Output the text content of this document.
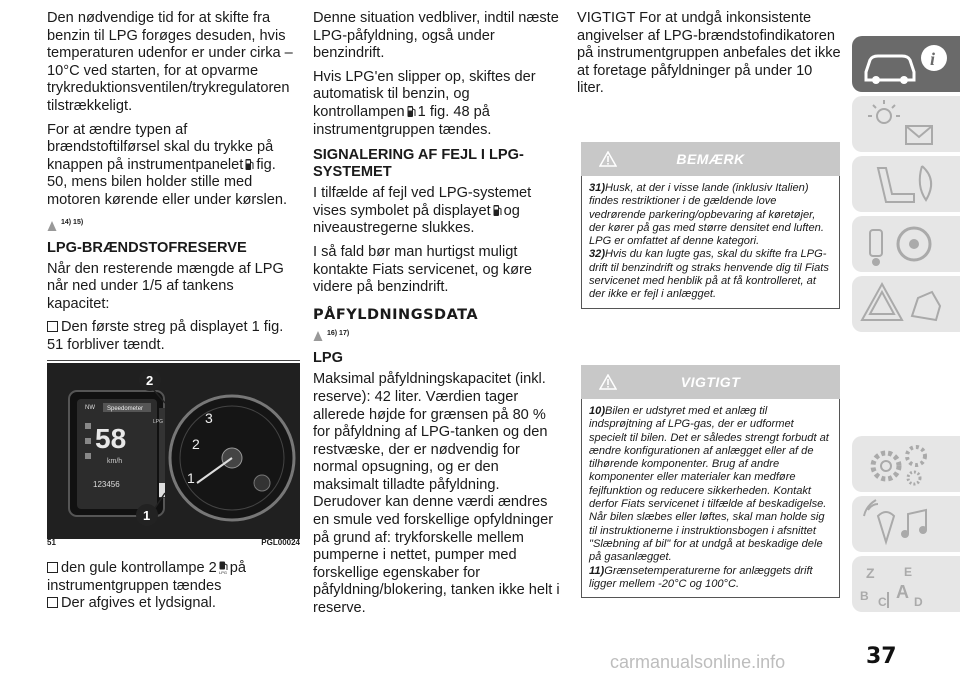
Den nødvendige tid for at skifte fra benzin til LPG forøges desuden, hvis temperaturen udenfor er under cirka –10°C ved starten, for at opvarme trykreduktionsventilen/trykregulatoren tilstrækkeligt.

For at ændre typen af brændstoftilførsel skal du trykke på knappen på instrumentpanelet fig. 50, mens bilen holder stille med motoren kørende eller under kørslen.

14) 15)
LPG-BRÆNDSTOFRESERVE

Når den resterende mængde af LPG når ned under 1/5 af tankens kapacitet:

Den første streg på displayet 1 fig. 51 forbliver tændt.

NW Speedometer
58
km/h
123456
LPG
2
1
3
2
1
51	PGL00024

den gule kontrollampe 2 LPG på instrumentgruppen tændes

Der afgives et lydsignal.

Denne situation vedbliver, indtil næste LPG-påfyldning, også under benzindrift.

Hvis LPG'en slipper op, skiftes der automatisk til benzin, og kontrollampen 1 fig. 48 på instrumentgruppen tændes.

SIGNALERING AF FEJL I LPG-SYSTEMET

I tilfælde af fejl ved LPG-systemet vises symbolet på displayet og niveaustregerne slukkes.

I så fald bør man hurtigst muligt kontakte Fiats servicenet, og køre videre på benzindrift.

PÅFYLDNINGSDATA
16) 17)
LPG

Maksimal påfyldningskapacitet (inkl. reserve): 42 liter. Værdien tager allerede højde for grænsen på 80 % for påfyldning af LPG-tanken og den restvæske, der er nødvendig for normal opsugning, og er den maksimalt tilladte påfyldning. Derudover kan denne værdi ændres en smule ved forskellige opfyldninger på grund af: trykforskelle mellem pumperne i nettet, pumper med forskellige egenskaber for påfyldning/blokering, tanken ikke helt i reserve.

VIGTIGT For at undgå inkonsistente angivelser af LPG-brændstofindikatoren på instrumentgruppen anbefales det ikke at foretage påfyldninger på under 10 liter.

BEMÆRK
31)Husk, at der i visse lande (inklusiv Italien) findes restriktioner i de gældende love vedrørende parkering/opbevaring af køretøjer, der kører på gas med større densitet end luften. LPG er omfattet af denne kategori.
32)Hvis du kan lugte gas, skal du skifte fra LPG-drift til benzindrift og straks henvende dig til Fiats servicenet med henblik på at få kontrolleret, at der ikke er fejl i anlægget.
VIGTIGT
10)Bilen er udstyret med et anlæg til indsprøjtning af LPG-gas, der er udformet specielt til bilen. Det er således strengt forbudt at ændre konfigurationen af anlægget eller af de tilhørende komponenter. Brug af andre komponenter eller materialer kan medføre fejlfunktion og reducere sikkerheden. Kontakt derfor Fiats servicenet i tilfælde af beskadigelse. Når bilen slæbes eller løftes, skal man holde sig til instruktionerne i instruktionsbogen i afsnittet "Slæbning af bil" for at undgå at beskadige dele på gasanlægget.
11)Grænsetemperaturerne for anlæggets drift ligger mellem -20°C og 100°C.
i
Z E
B C A D
carmanualsonline.info	37
